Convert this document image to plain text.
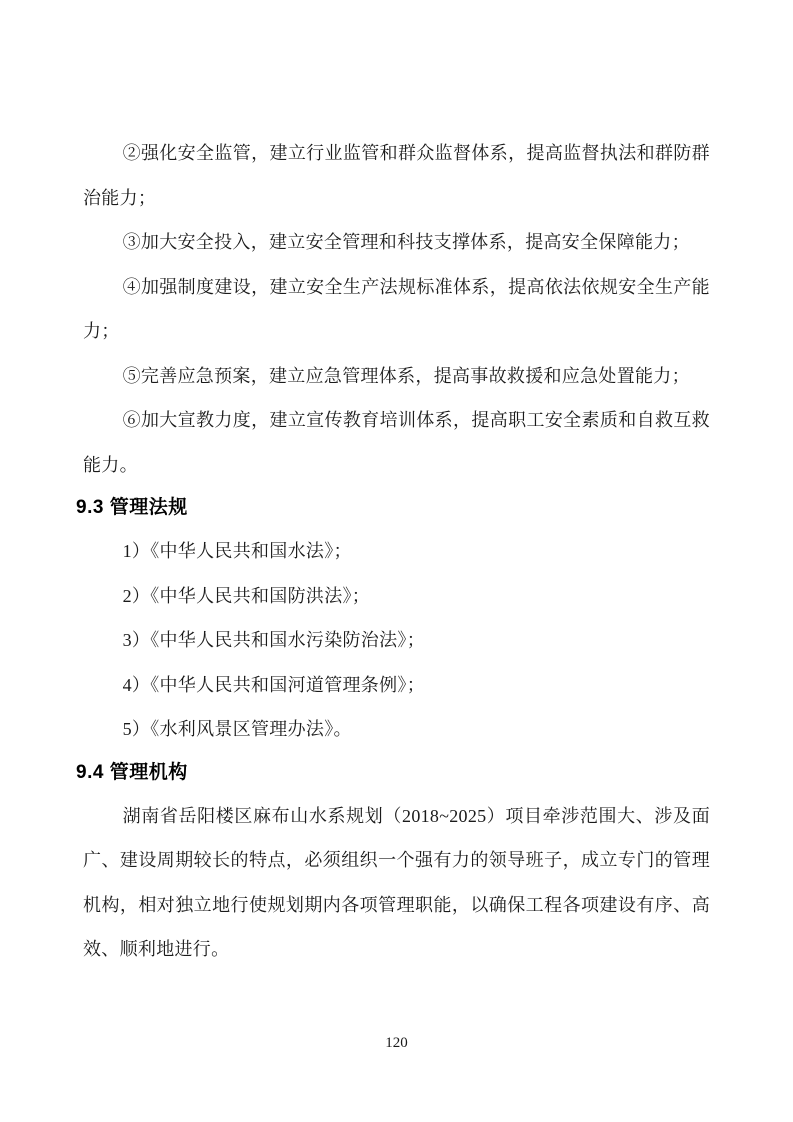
②强化安全监管，建立行业监管和群众监督体系，提高监督执法和群防群治能力；

③加大安全投入，建立安全管理和科技支撑体系，提高安全保障能力；

④加强制度建设，建立安全生产法规标准体系，提高依法依规安全生产能力；

⑤完善应急预案，建立应急管理体系，提高事故救援和应急处置能力；

⑥加大宣教力度，建立宣传教育培训体系，提高职工安全素质和自救互救能力。

9.3 管理法规

1）《中华人民共和国水法》；

2）《中华人民共和国防洪法》；

3）《中华人民共和国水污染防治法》；

4）《中华人民共和国河道管理条例》；

5）《水利风景区管理办法》。

9.4 管理机构

湖南省岳阳楼区麻布山水系规划（2018~2025）项目牵涉范围大、涉及面广、建设周期较长的特点，必须组织一个强有力的领导班子，成立专门的管理机构，相对独立地行使规划期内各项管理职能，以确保工程各项建设有序、高效、顺利地进行。

120
